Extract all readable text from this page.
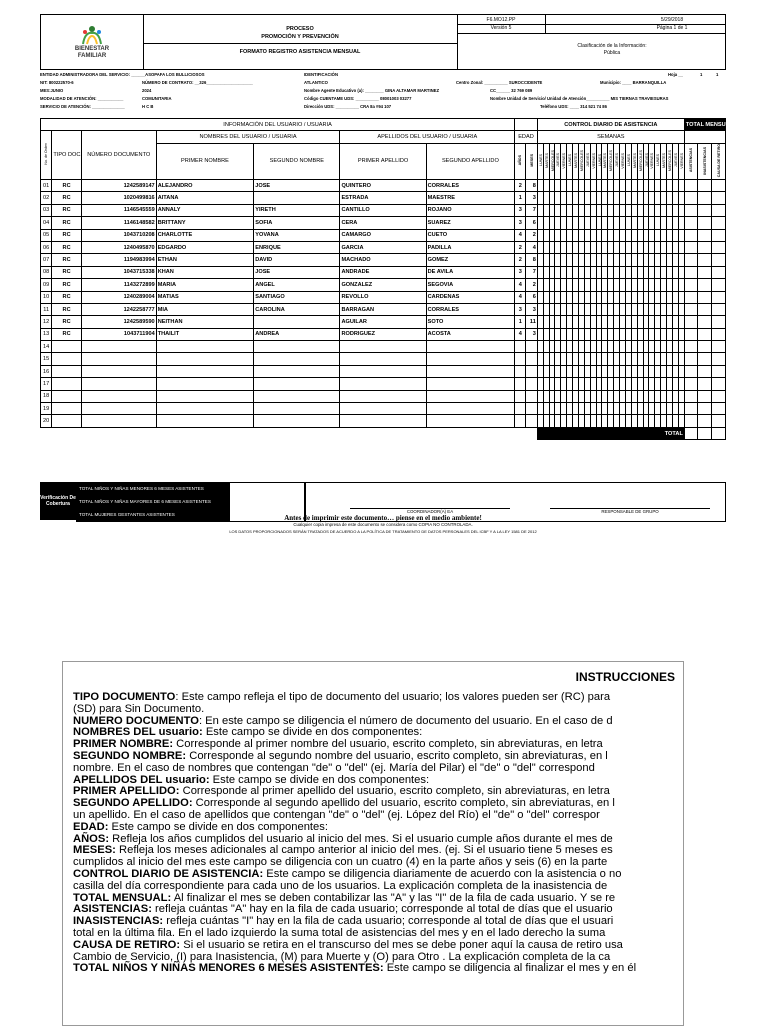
BIENESTAR
FAMILIAR
PROCESO
PROMOCIÓN Y PREVENCIÓN
FORMATO REGISTRO ASISTENCIA MENSUAL
F6.MO12.PP	5/29/2018
Versión 5	Página 1 de 1
Clasificación de la Información:
Pública
ENTIDAD ADMINISTRADORA DEL SERVICIO: ______ASOPAFA LOS BULLICIOSOS
NIT: 800222570-6	NÚMERO DE CONTRATO: __326____________________
MES:JUNIO	2024
MODALIDAD DE ATENCIÓN: ___________	COMUNITARIA
SERVICIO DE ATENCIÓN: ______________	H C B
IDENTIFICACIÓN
ATLANTICO
Nombre Agente Educativo (a): ________ GINA ALTAMAR MARTINEZ
Código CUENTAME UDS: __________ 08001003 03277
Dirección UDS: __________ CRA 8a #94 107
Centro Zonal: __________ SUROCCIDENTE	Municipio: ____ BARRANQUILLA
CC______ 32 769 089
Nombre Unidad de Servicio/ Unidad de Atención__________ MIS TIERNAS TRAVIESURAS
Teléfono UDS: ____ 314 521 74 86
Hoja __	1	1
INFORMACIÓN DEL USUARIO / USUARIA									CONTROL DIARIO DE ASISTENCIA																									TOTAL MENSUAL		
No. de Orden	TIPO DOC.	NÚMERO DOCUMENTO	NOMBRES DEL USUARIO / USUARIA		APELLIDOS DEL USUARIO / USUARIA		EDAD		SEMANAS																											
			PRIMER NOMBRE	SEGUNDO NOMBRE	PRIMER APELLIDO	SEGUNDO APELLIDO	AÑOS	MESES	LUNES	MARTES	MIERCOLES	JUEVES	VIERNES	LUNES	MARTES	MIERCOLES	JUEVES	VIERNES	LUNES	MARTES	MIERCOLES	JUEVES	VIERNES	LUNES	MARTES	MIERCOLES	JUEVES	VIERNES	LUNES	MARTES	MIERCOLES	JUEVES	VIERNES	ASISTENCIAS	INASISTENCIAS	CAUSA DE RETIRO
01	RC	1242589147	ALEJANDRO	JOSE	QUINTERO	CORRALES	2	8																												
02	RC	1020499816	AITANA		ESTRADA	MAESTRE	1	3																												
03	RC	1146545559	ANNALY	YIRETH	CANTILLO	ROJANO	3	7																												
04	RC	1146148582	BRITTANY	SOFIA	CERA	SUAREZ	3	6																												
05	RC	1043710208	CHARLOTTE	YOVANA	CAMARGO	CUETO	4	2																												
06	RC	1240495870	EDGARDO	ENRIQUE	GARCIA	PADILLA	2	4																												
07	RC	1194983994	ETHAN	DAVID	MACHADO	GOMEZ	2	8																												
08	RC	1043715338	KHAN	JOSE	ANDRADE	DE AVILA	3	7																												
09	RC	1143272899	MARIA	ANGEL	GONZALEZ	SEGOVIA	4	2																												
10	RC	1240289004	MATIAS	SANTIAGO	REVOLLO	CARDENAS	4	6																												
11	RC	1242258777	MIA	CAROLINA	BARRAGAN	CORRALES	3	3																												
12	RC	1242589590	NEITHAN		AGUILAR	SOTO	1	11																												
13	RC	1043711904	THAILIT	ANDREA	RODRIGUEZ	ACOSTA	4	3																												
14																																				
15																																				
16																																				
17																																				
18																																				
19																																				
20																																				
									TOTAL																											
Verificación De Cobertura
TOTAL NIÑOS Y NIÑAS MENORES 6 MESES ASISTENTES
TOTAL NIÑOS Y NIÑAS MAYORES DE 6 MESES ASISTENTES
TOTAL MUJERES GESTANTES ASISTENTES
COORDINADOR(A) EA	RESPONSABLE DE GRUPO
Antes de imprimir este documento… piense en el medio ambiente!
Cualquier copia impresa de este documento se considera como COPIA NO CONTROLADA.
LOS DATOS PROPORCIONADOS SERÁN TRATADOS DE ACUERDO A LA POLÍTICA DE TRATAMIENTO DE DATOS PERSONALES DEL ICBF Y A LA LEY 1581 DE 2012
INSTRUCCIONES

TIPO DOCUMENTO: Este campo refleja el tipo de documento del usuario; los valores pueden ser (RC) para

(SD) para Sin Documento.

NUMERO DOCUMENTO: En este campo se diligencia el número de documento del usuario. En el caso de d

NOMBRES DEL usuario: Este campo se divide en dos componentes:

PRIMER NOMBRE: Corresponde al primer nombre del usuario, escrito completo, sin abreviaturas, en letra

SEGUNDO NOMBRE: Corresponde al segundo nombre del usuario, escrito completo, sin abreviaturas, en l

nombre. En el caso de nombres que contengan "de" o "del" (ej. María del Pilar) el "de" o "del" correspond

APELLIDOS DEL usuario: Este campo se divide en dos componentes:

PRIMER APELLIDO: Corresponde al primer apellido del usuario, escrito completo, sin abreviaturas, en letra

SEGUNDO APELLIDO: Corresponde al segundo apellido del usuario, escrito completo, sin abreviaturas, en l

un apellido. En el caso de apellidos que contengan "de" o "del" (ej. López del Río) el "de" o "del" correspor

EDAD: Este campo se divide en dos componentes:

AÑOS: Refleja los años cumplidos del usuario al inicio del mes. Si el usuario cumple años durante el mes de

MESES: Refleja los meses adicionales al campo anterior al inicio del mes. (ej. Si el usuario tiene 5 meses es

cumplidos al inicio del mes este campo se diligencia con un cuatro (4) en la parte años y seis (6) en la parte

CONTROL DIARIO DE ASISTENCIA: Este campo se diligencia diariamente de acuerdo con la asistencia o no

casilla del día correspondiente para cada uno de los usuarios. La explicación completa de la inasistencia de

TOTAL MENSUAL: Al finalizar el mes se deben contabilizar las "A" y las "I" de la fila de cada usuario. Y se re

ASISTENCIAS: refleja cuántas "A" hay en la fila de cada usuario; corresponde al total de días que el usuario

INASISTENCIAS: refleja cuántas "I" hay en la fila de cada usuario; corresponde al total de días que el usuari

total en la última fila. En el lado izquierdo la suma total de asistencias del mes y en el lado derecho la suma

CAUSA DE RETIRO: Si el usuario se retira en el transcurso del mes se debe poner aquí la causa de retiro usa

Cambio de Servicio, (I) para Inasistencia, (M) para Muerte y (O) para Otro . La explicación completa de la ca

TOTAL NIÑOS Y NIÑAS MENORES 6 MESES ASISTENTES: Este campo se diligencia al finalizar el mes y en él
